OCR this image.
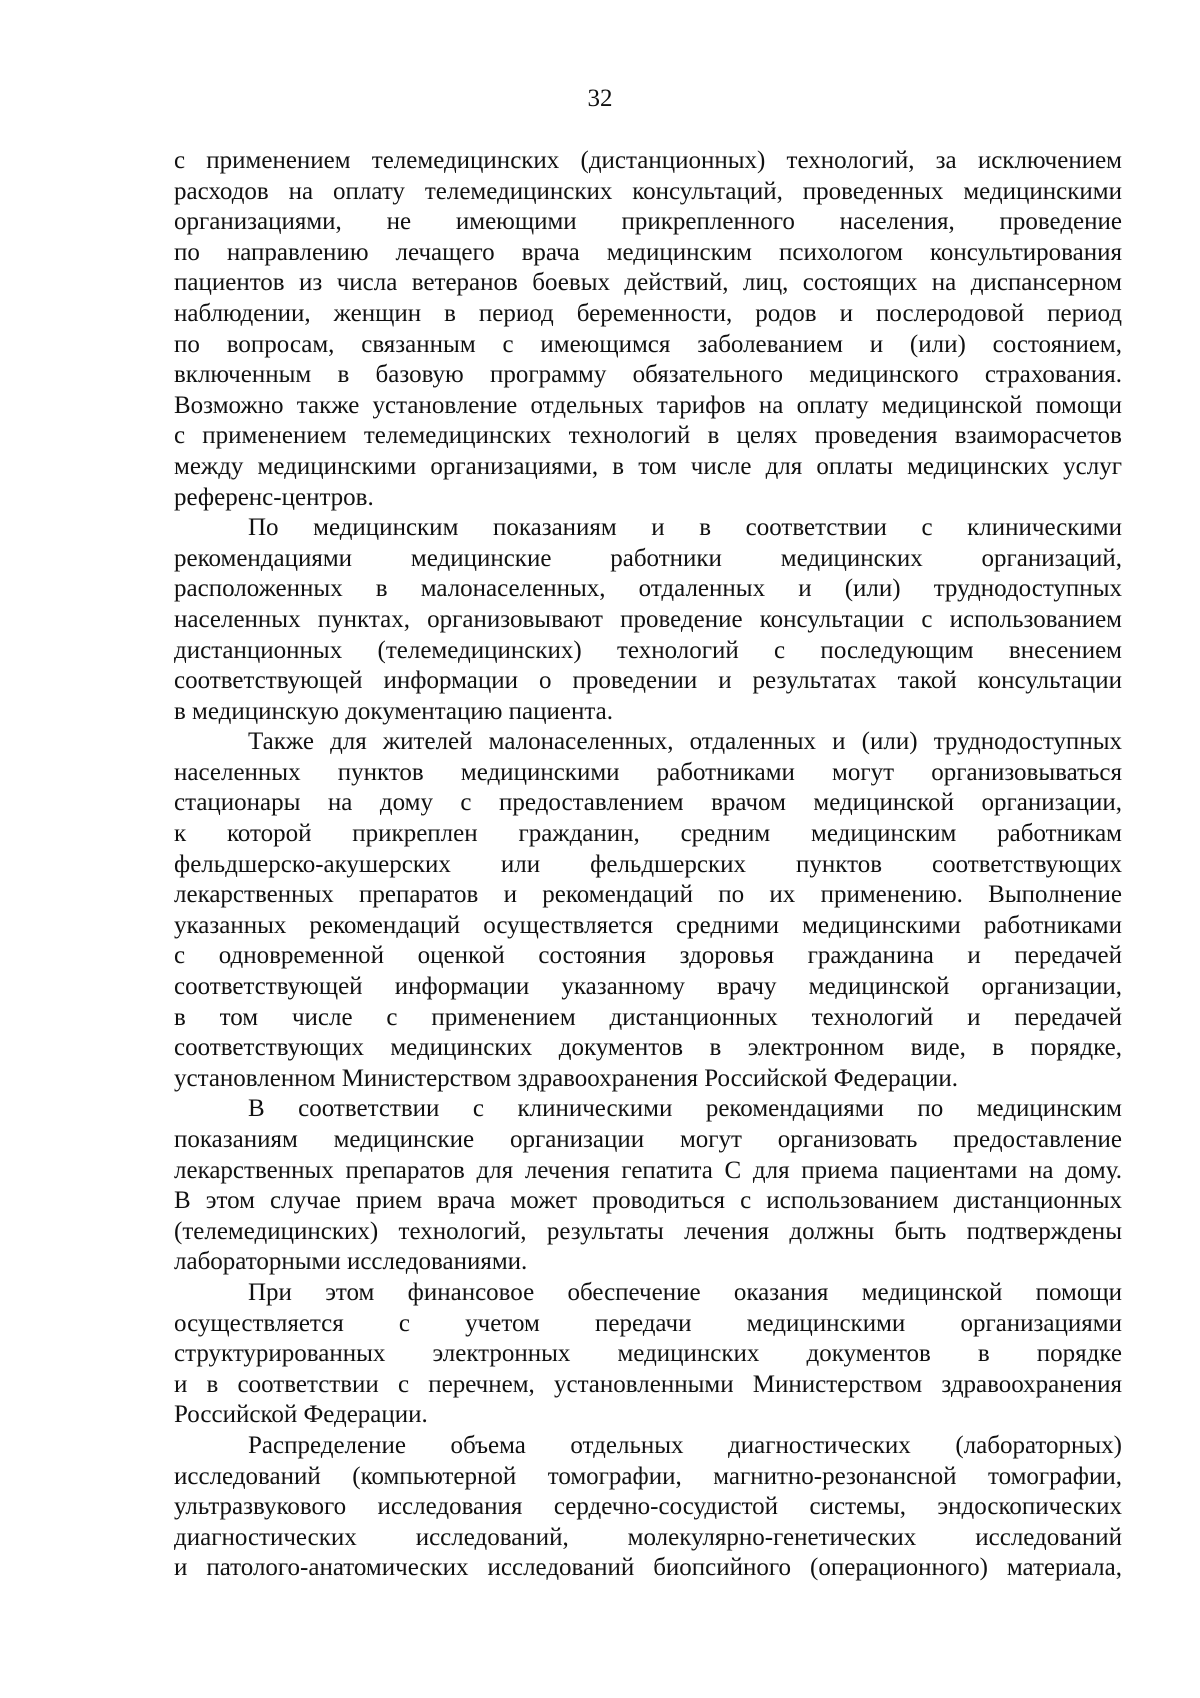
32
с применением телемедицинских (дистанционных) технологий, за исключением
расходов на оплату телемедицинских консультаций, проведенных медицинскими
организациями, не имеющими прикрепленного населения, проведение
по направлению лечащего врача медицинским психологом консультирования
пациентов из числа ветеранов боевых действий, лиц, состоящих на диспансерном
наблюдении, женщин в период беременности, родов и послеродовой период
по вопросам, связанным с имеющимся заболеванием и (или) состоянием,
включенным в базовую программу обязательного медицинского страхования.
Возможно также установление отдельных тарифов на оплату медицинской помощи
с применением телемедицинских технологий в целях проведения взаиморасчетов
между медицинскими организациями, в том числе для оплаты медицинских услуг
референс-центров.
По медицинским показаниям и в соответствии с клиническими
рекомендациями медицинские работники медицинских организаций,
расположенных в малонаселенных, отдаленных и (или) труднодоступных
населенных пунктах, организовывают проведение консультации с использованием
дистанционных (телемедицинских) технологий с последующим внесением
соответствующей информации о проведении и результатах такой консультации
в медицинскую документацию пациента.
Также для жителей малонаселенных, отдаленных и (или) труднодоступных
населенных пунктов медицинскими работниками могут организовываться
стационары на дому с предоставлением врачом медицинской организации,
к которой прикреплен гражданин, средним медицинским работникам
фельдшерско-акушерских или фельдшерских пунктов соответствующих
лекарственных препаратов и рекомендаций по их применению. Выполнение
указанных рекомендаций осуществляется средними медицинскими работниками
с одновременной оценкой состояния здоровья гражданина и передачей
соответствующей информации указанному врачу медицинской организации,
в том числе с применением дистанционных технологий и передачей
соответствующих медицинских документов в электронном виде, в порядке,
установленном Министерством здравоохранения Российской Федерации.
В соответствии с клиническими рекомендациями по медицинским
показаниям медицинские организации могут организовать предоставление
лекарственных препаратов для лечения гепатита С для приема пациентами на дому.
В этом случае прием врача может проводиться с использованием дистанционных
(телемедицинских) технологий, результаты лечения должны быть подтверждены
лабораторными исследованиями.
При этом финансовое обеспечение оказания медицинской помощи
осуществляется с учетом передачи медицинскими организациями
структурированных электронных медицинских документов в порядке
и в соответствии с перечнем, установленными Министерством здравоохранения
Российской Федерации.
Распределение объема отдельных диагностических (лабораторных)
исследований (компьютерной томографии, магнитно-резонансной томографии,
ультразвукового исследования сердечно-сосудистой системы, эндоскопических
диагностических исследований, молекулярно-генетических исследований
и патолого-анатомических исследований биопсийного (операционного) материала,
